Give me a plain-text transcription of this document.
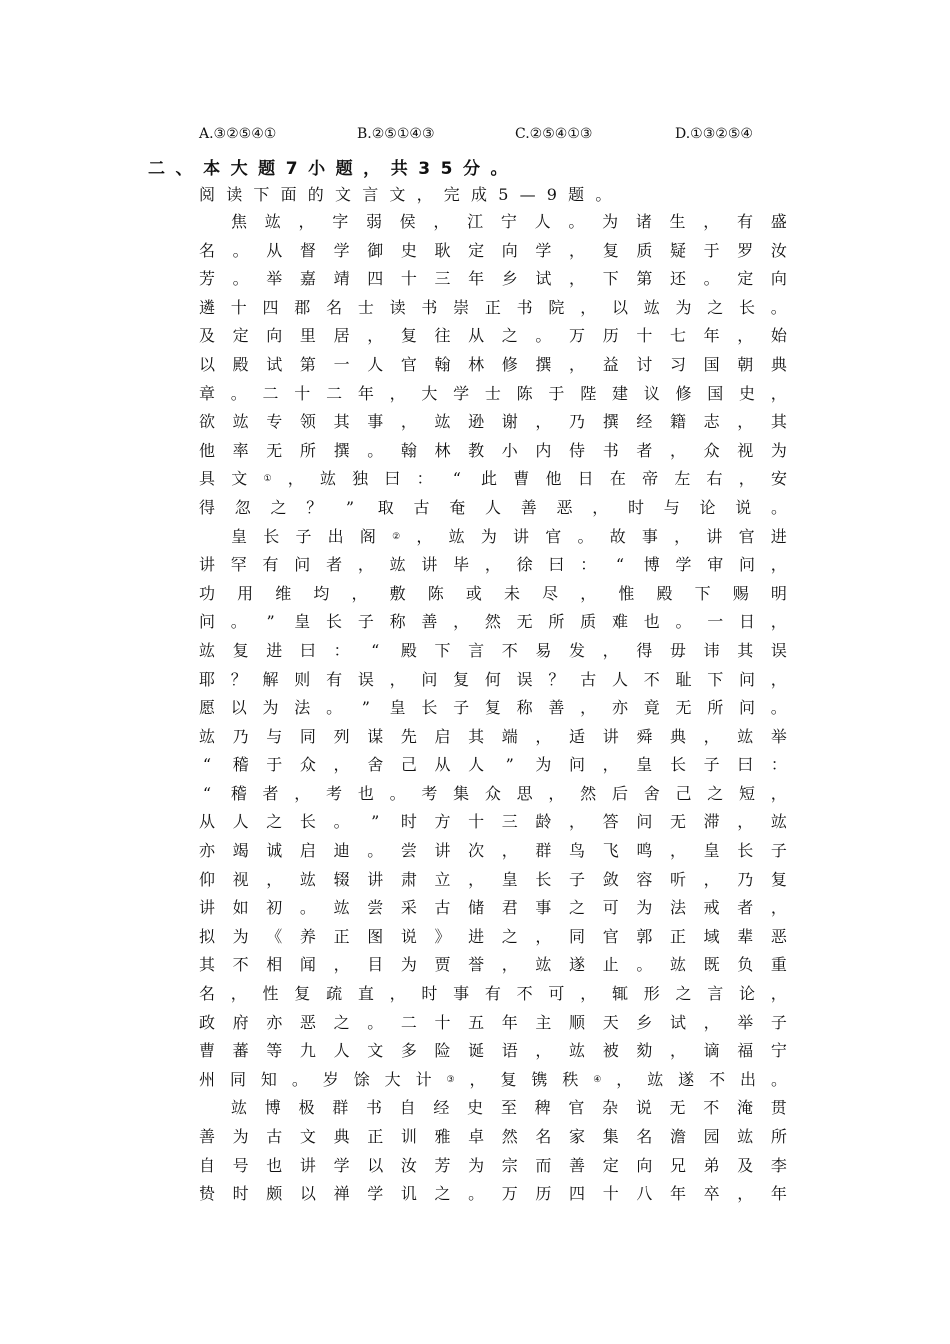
A.③②⑤④①	B.②⑤①④③	C.②⑤④①③	D.①③②⑤④
二、本大题7小题，共35分。
阅读下面的文言文，完成5—9题。
焦 竑 ， 字 弱 侯 ， 江 宁 人 。 为 诸 生 ， 有 盛
名 。 从 督 学 御 史 耿 定 向 学 ， 复 质 疑 于 罗 汝
芳 。 举 嘉 靖 四 十 三 年 乡 试 ， 下 第 还 。 定 向
遴 十 四 郡 名 士 读 书 崇 正 书 院 ， 以 竑 为 之 长 。
及 定 向 里 居 ， 复 往 从 之 。 万 历 十 七 年 ， 始
以 殿 试 第 一 人 官 翰 林 修 撰 ， 益 讨 习 国 朝 典
章 。 二 十 二 年 ， 大 学 士 陈 于 陛 建 议 修 国 史 ，
欲 竑 专 领 其 事 ， 竑 逊 谢 ， 乃 撰 经 籍 志 ， 其
他 率 无 所 撰 。 翰 林 教 小 内 侍 书 者 ， 众 视 为
具 文 ① ， 竑 独 曰 ： “ 此 曹 他 日 在 帝 左 右 ， 安
得 忽 之 ？ ” 取 古 奄 人 善 恶 ， 时 与 论 说 。
皇 长 子 出 阁 ② ， 竑 为 讲 官 。 故 事 ， 讲 官 进
讲 罕 有 问 者 ， 竑 讲 毕 ， 徐 曰 ： “ 博 学 审 问 ，
功 用 维 均 ， 敷 陈 或 未 尽 ， 惟 殿 下 赐 明
问 。 ” 皇 长 子 称 善 ， 然 无 所 质 难 也 。 一 日 ，
竑 复 进 曰 ： “ 殿 下 言 不 易 发 ， 得 毋 讳 其 误
耶 ？ 解 则 有 误 ， 问 复 何 误 ？ 古 人 不 耻 下 问 ，
愿 以 为 法 。 ” 皇 长 子 复 称 善 ， 亦 竟 无 所 问 。
竑 乃 与 同 列 谋 先 启 其 端 ， 适 讲 舜 典 ， 竑 举
“ 稽 于 众 ， 舍 己 从 人 ” 为 问 ， 皇 长 子 曰 ：
“ 稽 者 ， 考 也 。 考 集 众 思 ， 然 后 舍 己 之 短 ，
从 人 之 长 。 ” 时 方 十 三 龄 ， 答 问 无 滞 ， 竑
亦 竭 诚 启 迪 。 尝 讲 次 ， 群 鸟 飞 鸣 ， 皇 长 子
仰 视 ， 竑 辍 讲 肃 立 ， 皇 长 子 敛 容 听 ， 乃 复
讲 如 初 。 竑 尝 采 古 储 君 事 之 可 为 法 戒 者 ，
拟 为 《 养 正 图 说 》 进 之 ， 同 官 郭 正 域 辈 恶
其 不 相 闻 ， 目 为 贾 誉 ， 竑 遂 止 。 竑 既 负 重
名 ， 性 复 疏 直 ， 时 事 有 不 可 ， 辄 形 之 言 论 ，
政 府 亦 恶 之 。 二 十 五 年 主 顺 天 乡 试 ， 举 子
曹 蕃 等 九 人 文 多 险 诞 语 ， 竑 被 劾 ， 谪 福 宁
州 同 知 。 岁 馀 大 计 ③ ， 复 镌 秩 ④ ， 竑 遂 不 出 。
竑 博 极 群 书 自 经 史 至 稗 官 杂 说 无 不 淹 贯
善 为 古 文 典 正 训 雅 卓 然 名 家 集 名 澹 园 竑 所
自 号 也 讲 学 以 汝 芳 为 宗 而 善 定 向 兄 弟 及 李
贽 时 颇 以 禅 学 讥 之 。 万 历 四 十 八 年 卒 ， 年
